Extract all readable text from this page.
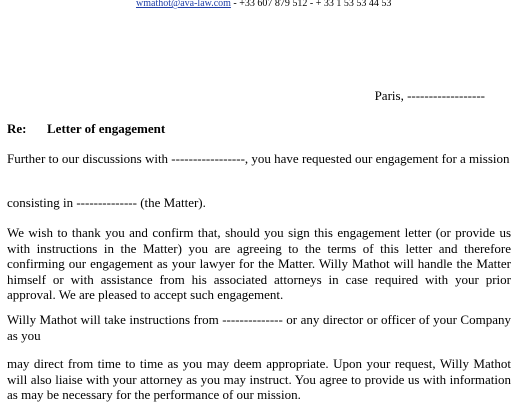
wmathot@ava-law.com - +33 607 879 512 - + 33 1 53 53 44 53
Paris, ------------------
Re: Letter of engagement

Further to our discussions with -----------------, you have requested our engagement for a mission

consisting in -------------- (the Matter).

We wish to thank you and confirm that, should you sign this engagement letter (or provide us with instructions in the Matter) you are agreeing to the terms of this letter and therefore confirming our engagement as your lawyer for the Matter. Willy Mathot will handle the Matter himself or with assistance from his associated attorneys in case required with your prior approval. We are pleased to accept such engagement.

Willy Mathot will take instructions from -------------- or any director or officer of your Company as you

may direct from time to time as you may deem appropriate. Upon your request, Willy Mathot will also liaise with your attorney as you may instruct. You agree to provide us with information as may be necessary for the performance of our mission.
